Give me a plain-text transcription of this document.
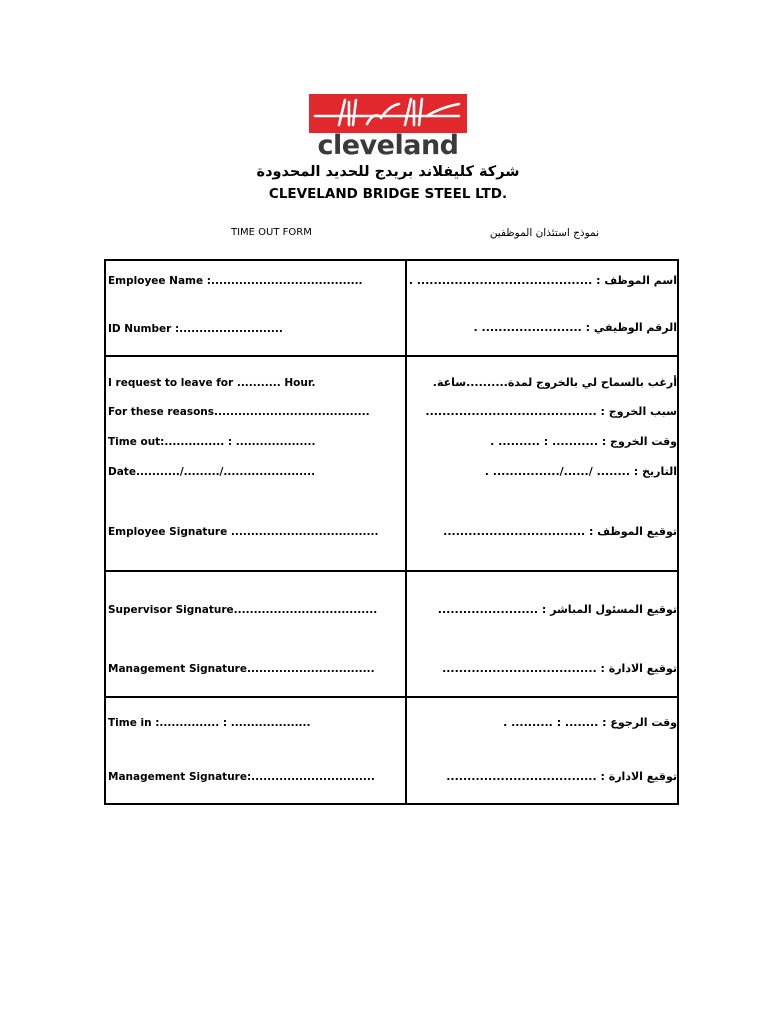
cleveland
شركة كليفلاند بريدج للحديد المحدودة
CLEVELAND BRIDGE STEEL LTD.
TIME OUT FORM	نموذج استئذان الموظفين
Employee Name :......................................	اسم الموظف : .......................................... .
ID Number :..........................	الرقم الوظيفي : ........................ .
I request to leave for ........... Hour.	أرغب بالسماح لي بالخروج لمدة..........ساعة.
For these reasons.......................................	سبب الخروج : .........................................
Time out:............... : ....................	وقت الخروج : ........... : .......... .
Date.........../........./.......................	التاريخ : ........ /....../................ .
Employee Signature .....................................	توقيع الموظف : ..................................
Supervisor Signature....................................	توقيع المسئول المباشر : ........................
Management Signature................................	توقيع الادارة : .....................................
Time in :............... : ....................	وقت الرجوع : ........ : .......... .
Management Signature:...............................	توقيع الادارة : ....................................
